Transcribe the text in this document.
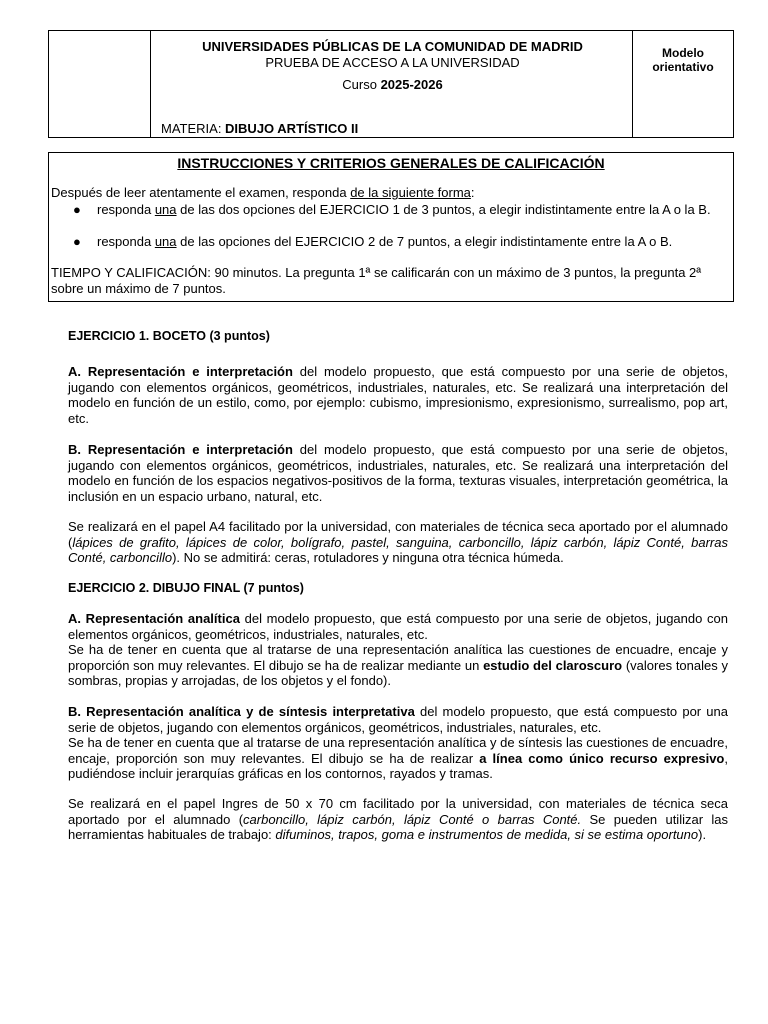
UNIVERSIDADES PÚBLICAS DE LA COMUNIDAD DE MADRID
PRUEBA DE ACCESO A LA UNIVERSIDAD
Curso 2025-2026
MATERIA: DIBUJO ARTÍSTICO II
Modelo
orientativo
INSTRUCCIONES Y CRITERIOS GENERALES DE CALIFICACIÓN
Después de leer atentamente el examen, responda de la siguiente forma:
● responda una de las dos opciones del EJERCICIO 1 de 3 puntos, a elegir indistintamente entre la A o la B.
● responda una de las opciones del EJERCICIO 2 de 7 puntos, a elegir indistintamente entre la A o B.
TIEMPO Y CALIFICACIÓN: 90 minutos. La pregunta 1ª se calificarán con un máximo de 3 puntos, la pregunta 2ª sobre un máximo de 7 puntos.
EJERCICIO 1. BOCETO (3 puntos)
A. Representación e interpretación del modelo propuesto, que está compuesto por una serie de objetos, jugando con elementos orgánicos, geométricos, industriales, naturales, etc. Se realizará una interpretación del modelo en función de un estilo, como, por ejemplo: cubismo, impresionismo, expresionismo, surrealismo, pop art, etc.
B. Representación e interpretación del modelo propuesto, que está compuesto por una serie de objetos, jugando con elementos orgánicos, geométricos, industriales, naturales, etc. Se realizará una interpretación del modelo en función de los espacios negativos-positivos de la forma, texturas visuales, interpretación geométrica, la inclusión en un espacio urbano, natural, etc.
Se realizará en el papel A4 facilitado por la universidad, con materiales de técnica seca aportado por el alumnado (lápices de grafito, lápices de color, bolígrafo, pastel, sanguina, carboncillo, lápiz carbón, lápiz Conté, barras Conté, carboncillo). No se admitirá: ceras, rotuladores y ninguna otra técnica húmeda.
EJERCICIO 2. DIBUJO FINAL (7 puntos)
A. Representación analítica del modelo propuesto, que está compuesto por una serie de objetos, jugando con elementos orgánicos, geométricos, industriales, naturales, etc.
Se ha de tener en cuenta que al tratarse de una representación analítica las cuestiones de encuadre, encaje y proporción son muy relevantes. El dibujo se ha de realizar mediante un estudio del claroscuro (valores tonales y sombras, propias y arrojadas, de los objetos y el fondo).
B. Representación analítica y de síntesis interpretativa del modelo propuesto, que está compuesto por una serie de objetos, jugando con elementos orgánicos, geométricos, industriales, naturales, etc.
Se ha de tener en cuenta que al tratarse de una representación analítica y de síntesis las cuestiones de encuadre, encaje, proporción son muy relevantes. El dibujo se ha de realizar a línea como único recurso expresivo, pudiéndose incluir jerarquías gráficas en los contornos, rayados y tramas.
Se realizará en el papel Ingres de 50 x 70 cm facilitado por la universidad, con materiales de técnica seca aportado por el alumnado (carboncillo, lápiz carbón, lápiz Conté o barras Conté. Se pueden utilizar las herramientas habituales de trabajo: difuminos, trapos, goma e instrumentos de medida, si se estima oportuno).
